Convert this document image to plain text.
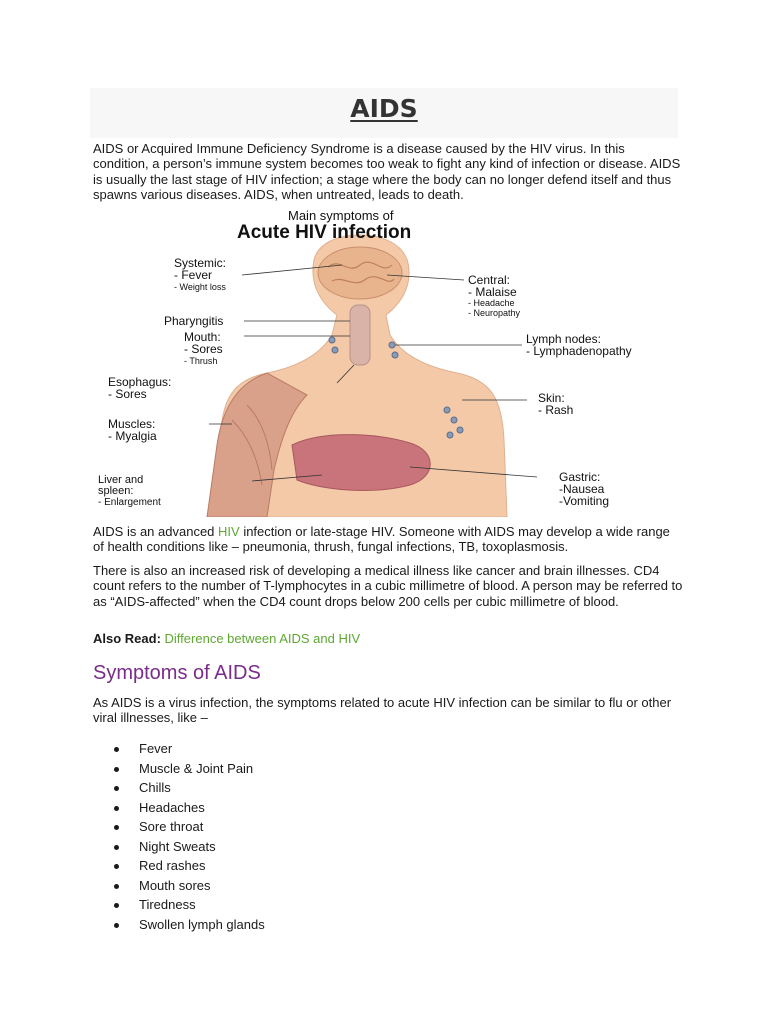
AIDS

AIDS or Acquired Immune Deficiency Syndrome is a disease caused by the HIV virus. In this condition, a person’s immune system becomes too weak to fight any kind of infection or disease. AIDS is usually the last stage of HIV infection; a stage where the body can no longer defend itself and thus spawns various diseases. AIDS, when untreated, leads to death.

Main symptoms of
Acute HIV infection
Systemic:
- Fever
- Weight loss
Pharyngitis
Mouth:
- Sores
- Thrush
Esophagus:
- Sores
Muscles:
- Myalgia
Liver and
spleen:
- Enlargement
Central:
- Malaise
- Headache
- Neuropathy
Lymph nodes:
- Lymphadenopathy
Skin:
- Rash
Gastric:
-Nausea
-Vomiting

AIDS is an advanced HIV infection or late-stage HIV. Someone with AIDS may develop a wide range of health conditions like – pneumonia, thrush, fungal infections, TB, toxoplasmosis.

There is also an increased risk of developing a medical illness like cancer and brain illnesses. CD4 count refers to the number of T-lymphocytes in a cubic millimetre of blood. A person may be referred to as “AIDS-affected” when the CD4 count drops below 200 cells per cubic millimetre of blood.

Also Read: Difference between AIDS and HIV

Symptoms of AIDS

As AIDS is a virus infection, the symptoms related to acute HIV infection can be similar to flu or other viral illnesses, like –

Fever
Muscle & Joint Pain
Chills
Headaches
Sore throat
Night Sweats
Red rashes
Mouth sores
Tiredness
Swollen lymph glands
